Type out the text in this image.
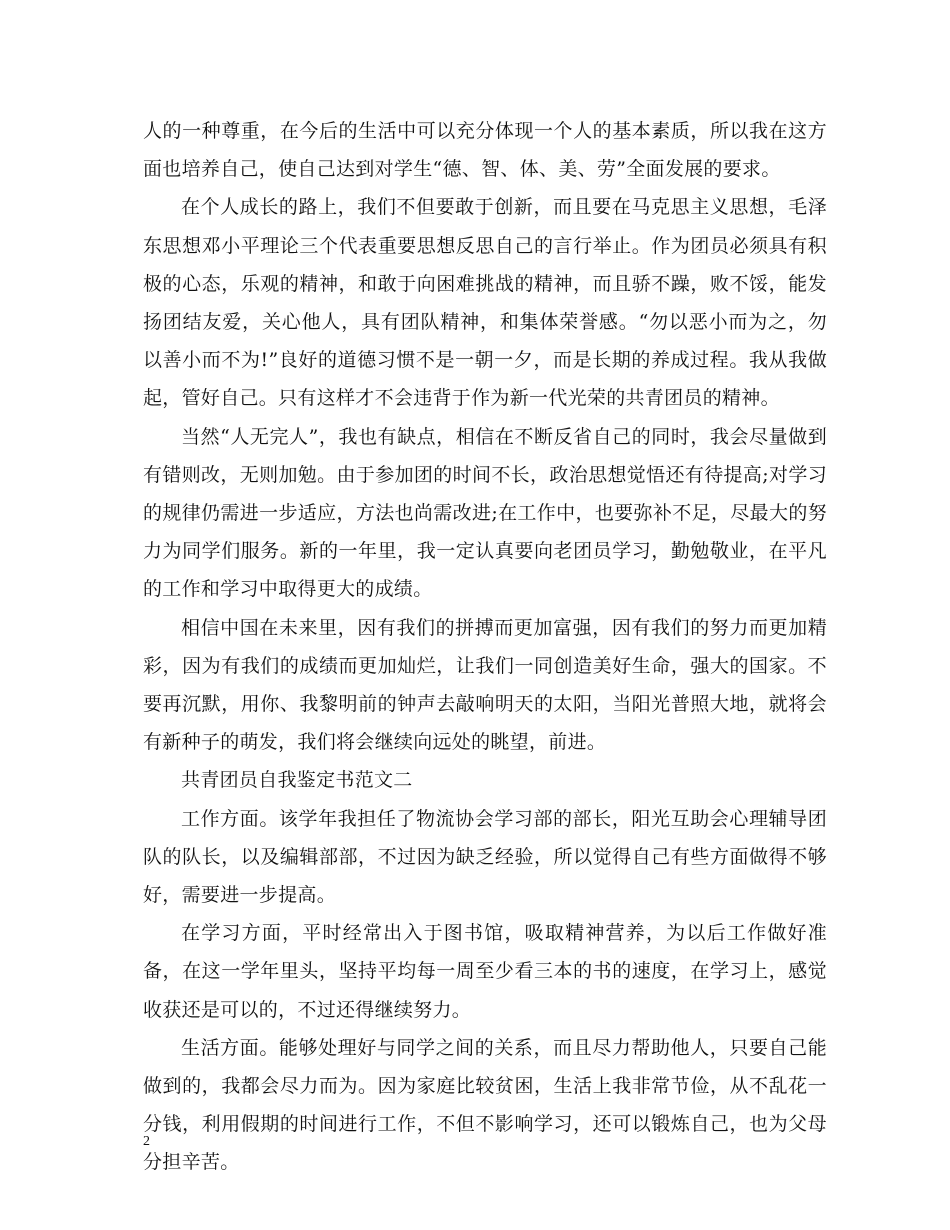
人的一种尊重，在今后的生活中可以充分体现一个人的基本素质，所以我在这方面也培养自己，使自己达到对学生“德、智、体、美、劳”全面发展的要求。

在个人成长的路上，我们不但要敢于创新，而且要在马克思主义思想，毛泽东思想邓小平理论三个代表重要思想反思自己的言行举止。作为团员必须具有积极的心态，乐观的精神，和敢于向困难挑战的精神，而且骄不躁，败不馁，能发扬团结友爱，关心他人，具有团队精神，和集体荣誉感。“勿以恶小而为之，勿以善小而不为!”良好的道德习惯不是一朝一夕，而是长期的养成过程。我从我做起，管好自己。只有这样才不会违背于作为新一代光荣的共青团员的精神。

当然“人无完人”，我也有缺点，相信在不断反省自己的同时，我会尽量做到有错则改，无则加勉。由于参加团的时间不长，政治思想觉悟还有待提高;对学习的规律仍需进一步适应，方法也尚需改进;在工作中，也要弥补不足，尽最大的努力为同学们服务。新的一年里，我一定认真要向老团员学习，勤勉敬业，在平凡的工作和学习中取得更大的成绩。

相信中国在未来里，因有我们的拼搏而更加富强，因有我们的努力而更加精彩，因为有我们的成绩而更加灿烂，让我们一同创造美好生命，强大的国家。不要再沉默，用你、我黎明前的钟声去敲响明天的太阳，当阳光普照大地，就将会有新种子的萌发，我们将会继续向远处的眺望，前进。

共青团员自我鉴定书范文二

工作方面。该学年我担任了物流协会学习部的部长，阳光互助会心理辅导团队的队长，以及编辑部部，不过因为缺乏经验，所以觉得自己有些方面做得不够好，需要进一步提高。

在学习方面，平时经常出入于图书馆，吸取精神营养，为以后工作做好准备，在这一学年里头，坚持平均每一周至少看三本的书的速度，在学习上，感觉收获还是可以的，不过还得继续努力。

生活方面。能够处理好与同学之间的关系，而且尽力帮助他人，只要自己能做到的，我都会尽力而为。因为家庭比较贫困，生活上我非常节俭，从不乱花一分钱，利用假期的时间进行工作，不但不影响学习，还可以锻炼自己，也为父母分担辛苦。

2
